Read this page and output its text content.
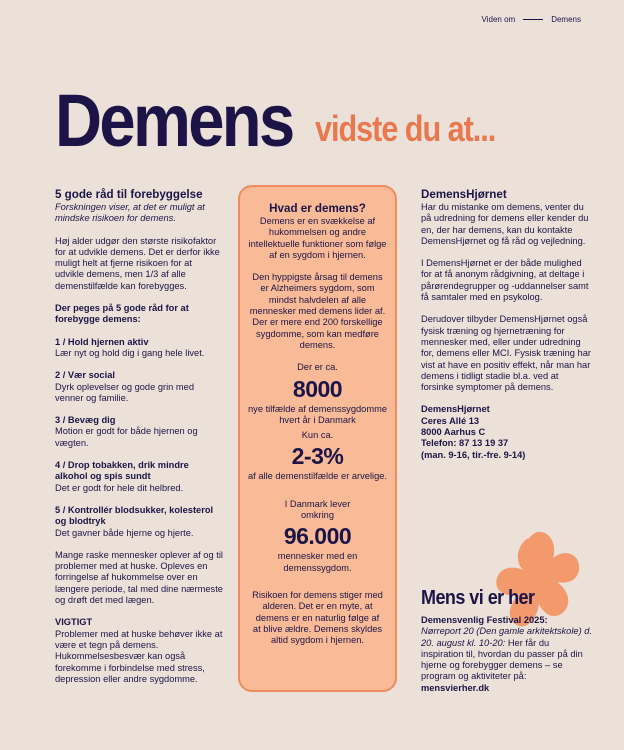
Viden om	Demens
Demens vidste du at...
5 gode råd til forebyggelse

Forskningen viser, at det er muligt at mindske risikoen for demens.

Høj alder udgør den største risikofaktor for at udvikle demens. Det er derfor ikke muligt helt at fjerne risikoen for at udvikle demens, men 1/3 af alle demenstilfælde kan forebygges.

Der peges på 5 gode råd for at forebygge demens:

1 / Hold hjernen aktiv
Lær nyt og hold dig i gang hele livet.

2 / Vær social
Dyrk oplevelser og gode grin med venner og familie.

3 / Bevæg dig
Motion er godt for både hjernen og vægten.

4 / Drop tobakken, drik mindre alkohol og spis sundt
Det er godt for hele dit helbred.

5 / Kontrollér blodsukker, kolesterol og blodtryk
Det gavner både hjerne og hjerte.

Mange raske mennesker oplever af og til problemer med at huske. Opleves en forringelse af hukommelse over en længere periode, tal med dine nærmeste og drøft det med lægen.

VIGTIGT
Problemer med at huske behøver ikke at være et tegn på demens. Hukommelsesbesvær kan også forekomme i forbindelse med stress, depression eller andre sygdomme.

Hvad er demens?

Demens er en svækkelse af hukommelsen og andre intellektuelle funktioner som følge af en sygdom i hjernen.

Den hyppigste årsag til demens er Alzheimers sygdom, som mindst halvdelen af alle mennesker med demens lider af. Der er mere end 200 forskellige sygdomme, som kan medføre demens.

Der er ca.
8000

nye tilfælde af demenssygdomme hvert år i Danmark

Kun ca.
2-3%

af alle demenstilfælde er arvelige.

I Danmark lever omkring
96.000

mennesker med en demenssygdom.

Risikoen for demens stiger med alderen. Det er en myte, at demens er en naturlig følge af at blive ældre. Demens skyldes altid sygdom i hjernen.

DemensHjørnet

Har du mistanke om demens, venter du på udredning for demens eller kender du en, der har demens, kan du kontakte DemensHjørnet og få råd og vejledning.

I DemensHjørnet er der både mulighed for at få anonym rådgivning, at deltage i pårørendegrupper og -uddannelser samt få samtaler med en psykolog.

Derudover tilbyder DemensHjørnet også fysisk træning og hjernetræning for mennesker med, eller under udredning for, demens eller MCI. Fysisk træning har vist at have en positiv effekt, når man har demens i tidligt stadie bl.a. ved at forsinke symptomer på demens.

DemensHjørnet
Ceres Allé 13
8000 Aarhus C
Telefon: 87 13 19 37
(man. 9-16, tir.-fre. 9-14)

Mens vi er her
Demensvenlig Festival 2025:
Nørreport 20 (Den gamle arkitektskole) d. 20. august kl. 10-20: Her får du inspiration til, hvordan du passer på din hjerne og forebygger demens – se program og aktiviteter på:
mensvierher.dk
